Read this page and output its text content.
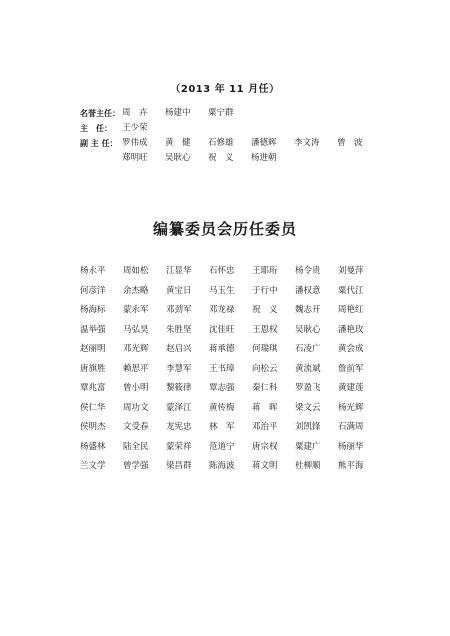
（2013 年 11 月任）
名誉主任： 周　卉	杨建中	粟宁群
主　任：	王少荣
副 主 任： 罗伟成	黄　健	石修雄	潘德辉	李文涛	曾　波
郑明旺	吴耿心	祝　义	杨进朝
编纂委员会历任委员
杨永平	周如松	江显华	石怀忠	王耶珩	杨令贵	刘曼萍
何彦洋	余杰略	黄宝日	马玉生	于行中	潘权意	粟代江
杨海标	蒙永军	邓劲军	邓龙禄	祝　义	魏志开	周艳红
温举强	马弘昊	朱胜坚	沈佳旺	王恩权	吴耿心	潘艳玫
赵丽明	邓光辉	赵启兴	蒋承德	何瑞琪	石凌广	黄会成
唐旗胜	赖思平	李慧军	王书璋	向松云	黄流斌	詹前军
覃兆富	曾小明	黎筱律	覃志强	秦仁科	罗盈飞	黄建莲
侯仁华	周功文	蒙泽江	黄传梅	蒋　晖	梁文云	杨光辉
侯明杰	文受春	龙宪忠	林　军	邓治平	刘凯锋	石满周
杨盛林	陆全民	蒙荣祥	范道宁	唐宗权	粟建广	杨丽华
兰文学	曾学强	梁昌群	陈海波	蒋文明	杜柳顺	熊平海
